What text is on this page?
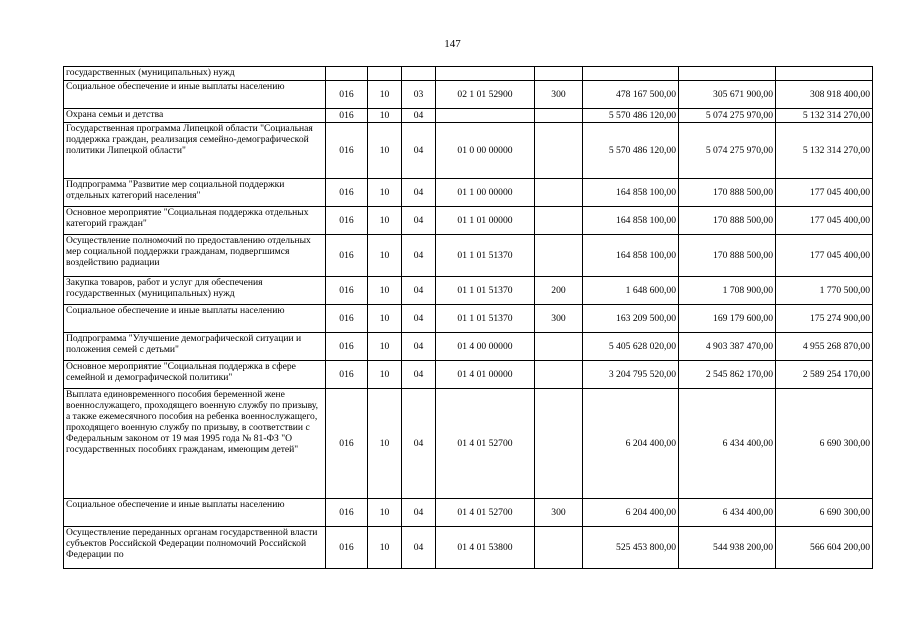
147
государственных (муниципальных) нужд								
Социальное обеспечение и иные выплаты населению	016	10	03	02 1 01 52900	300	478 167 500,00	305 671 900,00	308 918 400,00
Охрана семьи и детства	016	10	04			5 570 486 120,00	5 074 275 970,00	5 132 314 270,00
Государственная программа Липецкой области "Социальная поддержка граждан, реализация семейно-демографической политики Липецкой области"	016	10	04	01 0 00 00000		5 570 486 120,00	5 074 275 970,00	5 132 314 270,00
Подпрограмма "Развитие мер социальной поддержки отдельных категорий населения"	016	10	04	01 1 00 00000		164 858 100,00	170 888 500,00	177 045 400,00
Основное мероприятие "Социальная поддержка отдельных категорий граждан"	016	10	04	01 1 01 00000		164 858 100,00	170 888 500,00	177 045 400,00
Осуществление полномочий по предоставлению отдельных мер социальной поддержки гражданам, подвергшимся воздействию радиации	016	10	04	01 1 01 51370		164 858 100,00	170 888 500,00	177 045 400,00
Закупка товаров, работ и услуг для обеспечения государственных (муниципальных) нужд	016	10	04	01 1 01 51370	200	1 648 600,00	1 708 900,00	1 770 500,00
Социальное обеспечение и иные выплаты населению	016	10	04	01 1 01 51370	300	163 209 500,00	169 179 600,00	175 274 900,00
Подпрограмма "Улучшение демографической ситуации и положения семей с детьми"	016	10	04	01 4 00 00000		5 405 628 020,00	4 903 387 470,00	4 955 268 870,00
Основное мероприятие "Социальная поддержка в сфере семейной и демографической политики"	016	10	04	01 4 01 00000		3 204 795 520,00	2 545 862 170,00	2 589 254 170,00
Выплата единовременного пособия беременной жене военнослужащего, проходящего военную службу по призыву, а также ежемесячного пособия на ребенка военнослужащего, проходящего военную службу по призыву, в соответствии с Федеральным законом от 19 мая 1995 года № 81-ФЗ "О государственных пособиях гражданам, имеющим детей"	016	10	04	01 4 01 52700		6 204 400,00	6 434 400,00	6 690 300,00
Социальное обеспечение и иные выплаты населению	016	10	04	01 4 01 52700	300	6 204 400,00	6 434 400,00	6 690 300,00
Осуществление переданных органам государственной власти субъектов Российской Федерации полномочий Российской Федерации по	016	10	04	01 4 01 53800		525 453 800,00	544 938 200,00	566 604 200,00
